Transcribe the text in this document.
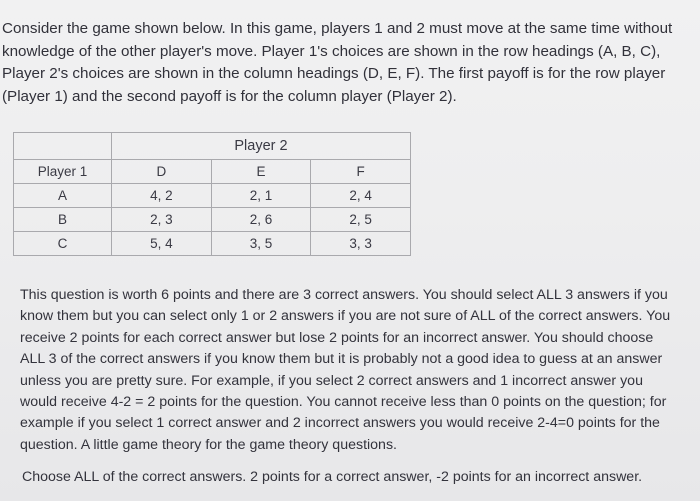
Consider the game shown below. In this game, players 1 and 2 must move at the same time without knowledge of the other player's move. Player 1's choices are shown in the row headings (A, B, C), Player 2's choices are shown in the column headings (D, E, F). The first payoff is for the row player (Player 1) and the second payoff is for the column player (Player 2).

	Player 2		
Player 1	D	E	F
A	4, 2	2, 1	2, 4
B	2, 3	2, 6	2, 5
C	5, 4	3, 5	3, 3

This question is worth 6 points and there are 3 correct answers. You should select ALL 3 answers if you know them but you can select only 1 or 2 answers if you are not sure of ALL of the correct answers. You receive 2 points for each correct answer but lose 2 points for an incorrect answer. You should choose ALL 3 of the correct answers if you know them but it is probably not a good idea to guess at an answer unless you are pretty sure. For example, if you select 2 correct answers and 1 incorrect answer you would receive 4-2 = 2 points for the question. You cannot receive less than 0 points on the question; for example if you select 1 correct answer and 2 incorrect answers you would receive 2-4=0 points for the question. A little game theory for the game theory questions.

Choose ALL of the correct answers. 2 points for a correct answer, -2 points for an incorrect answer.
